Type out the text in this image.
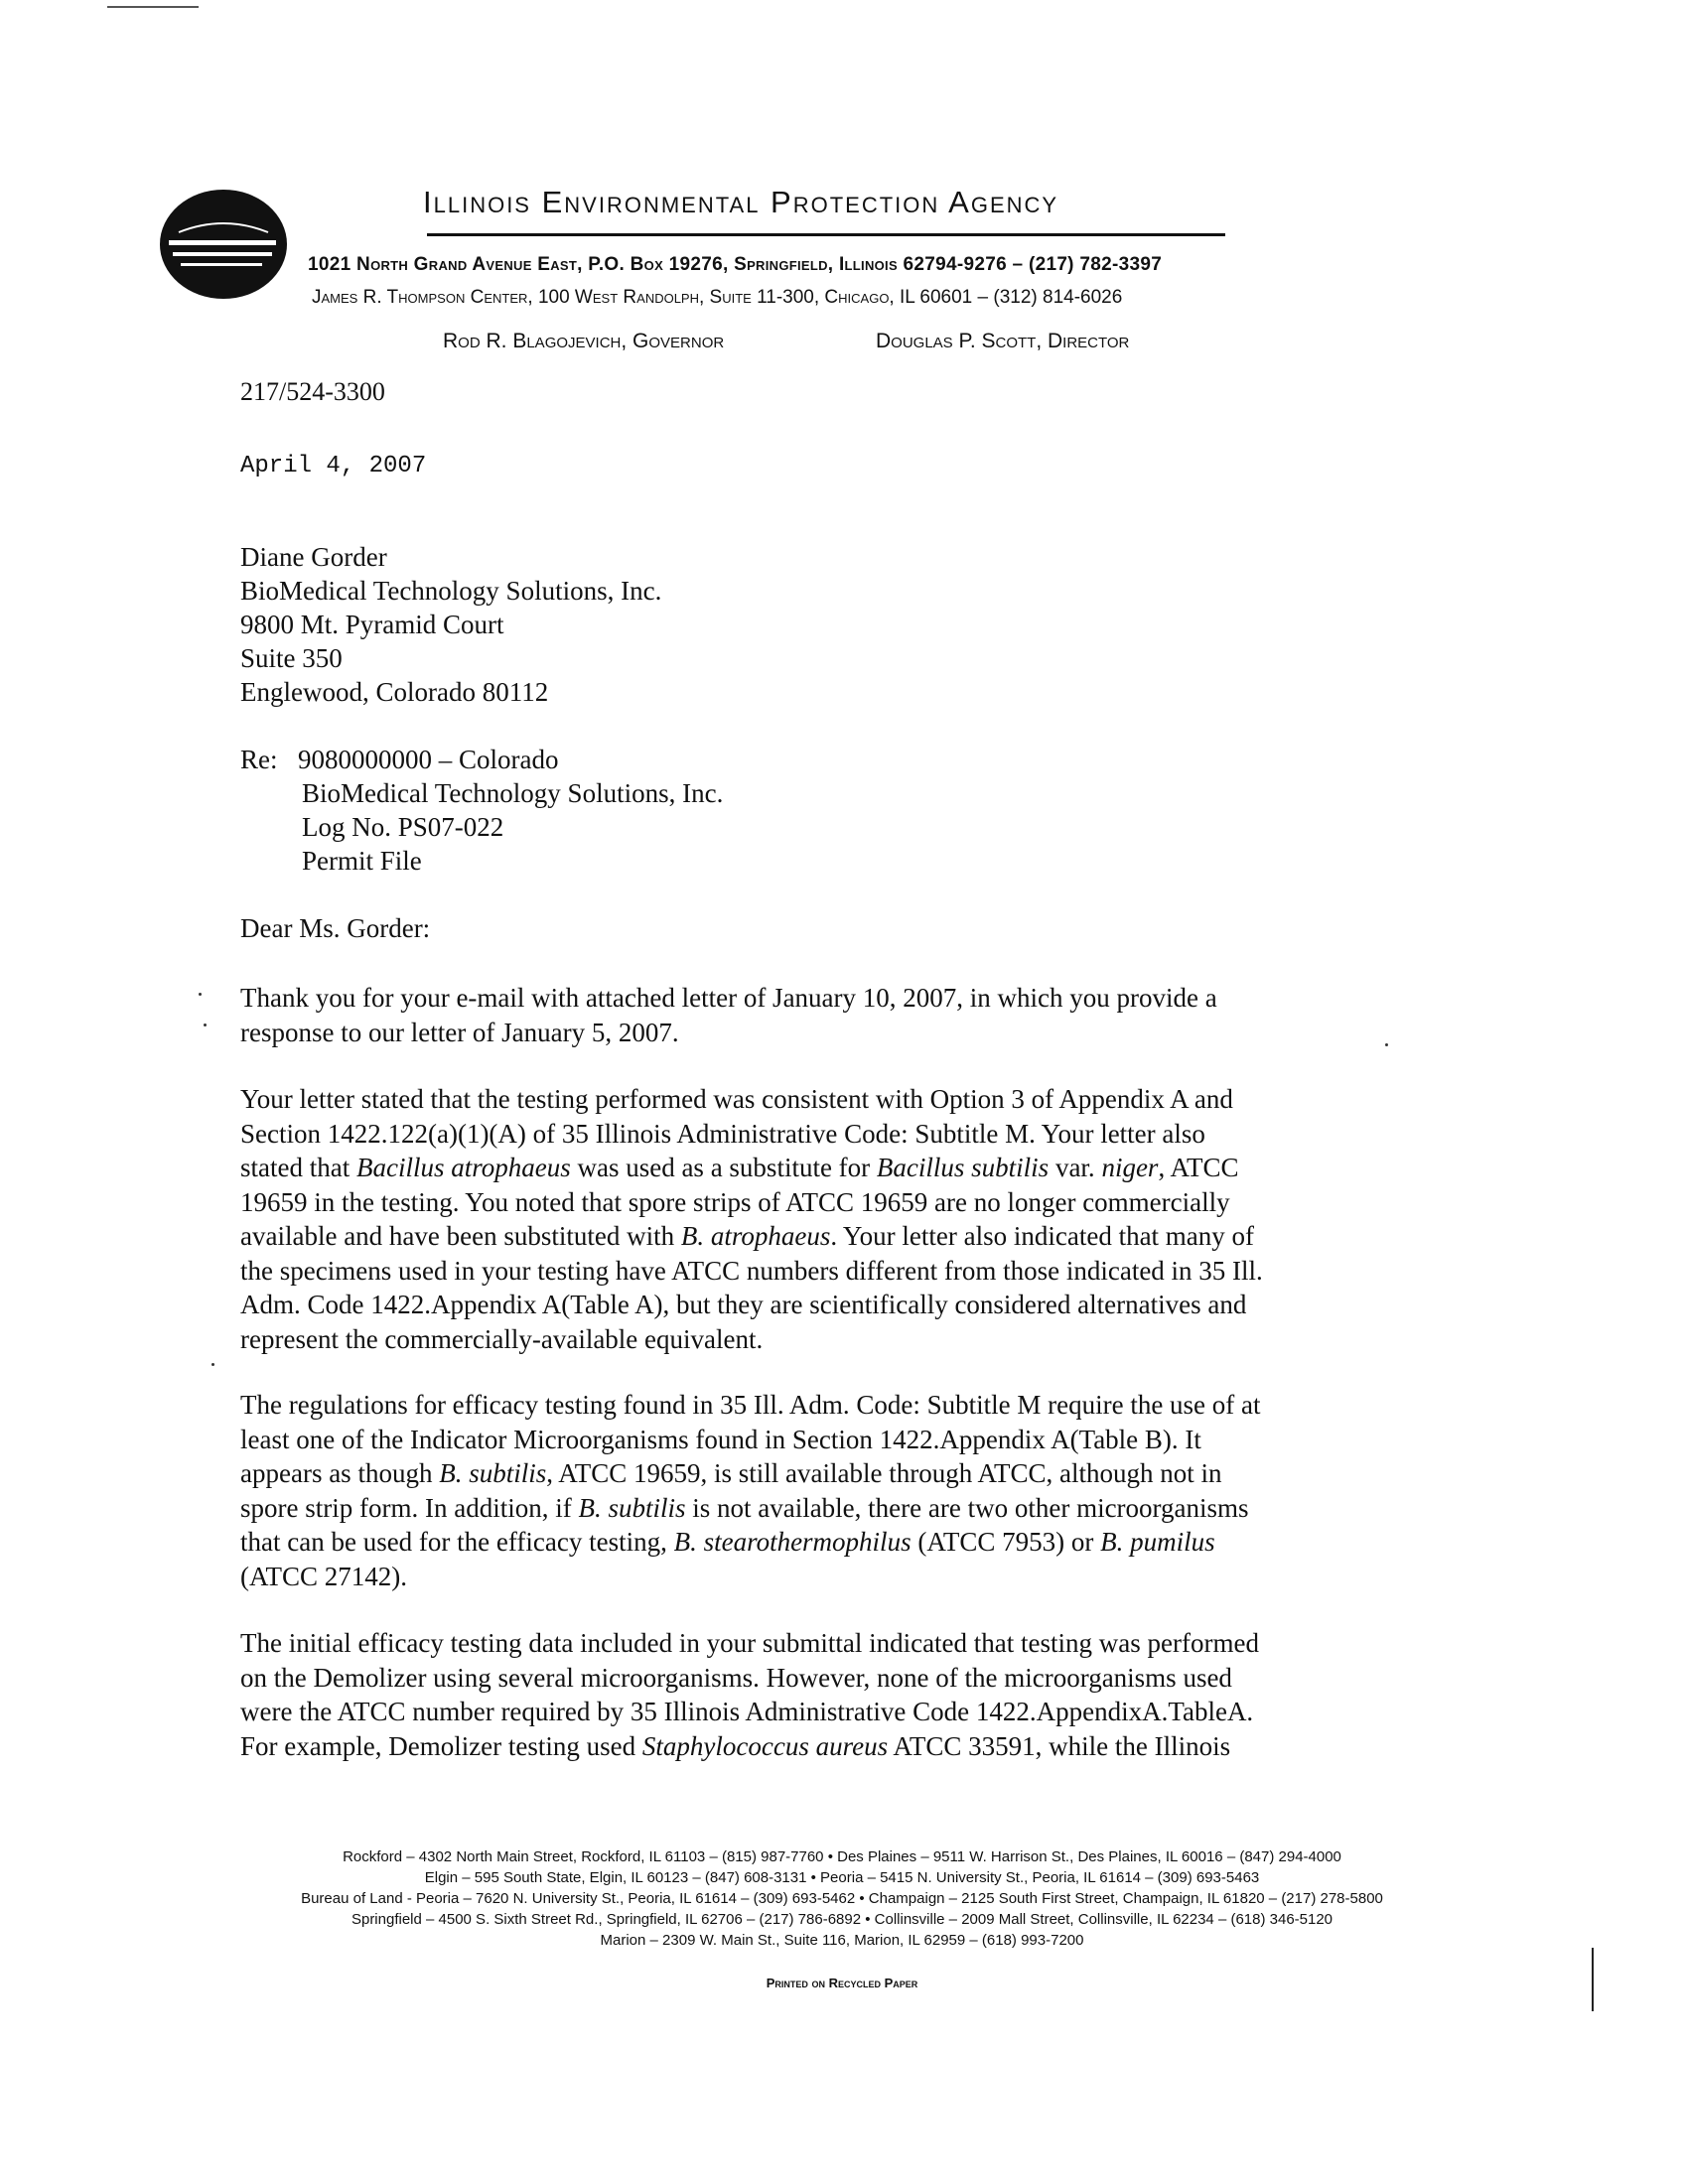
Illinois Environmental Protection Agency
1021 North Grand Avenue East, P.O. Box 19276, Springfield, Illinois 62794-9276 – (217) 782-3397
James R. Thompson Center, 100 West Randolph, Suite 11-300, Chicago, IL 60601 – (312) 814-6026
Rod R. Blagojevich, Governor	Douglas P. Scott, Director
217/524-3300
April 4, 2007
Diane Gorder
BioMedical Technology Solutions, Inc.
9800 Mt. Pyramid Court
Suite 350
Englewood, Colorado 80112
Re: 9080000000 – Colorado
BioMedical Technology Solutions, Inc.
Log No. PS07-022
Permit File
Dear Ms. Gorder:

Thank you for your e-mail with attached letter of January 10, 2007, in which you provide a

response to our letter of January 5, 2007.

Your letter stated that the testing performed was consistent with Option 3 of Appendix A and

Section 1422.122(a)(1)(A) of 35 Illinois Administrative Code: Subtitle M. Your letter also

stated that Bacillus atrophaeus was used as a substitute for Bacillus subtilis var. niger, ATCC

19659 in the testing. You noted that spore strips of ATCC 19659 are no longer commercially

available and have been substituted with B. atrophaeus. Your letter also indicated that many of

the specimens used in your testing have ATCC numbers different from those indicated in 35 Ill.

Adm. Code 1422.Appendix A(Table A), but they are scientifically considered alternatives and

represent the commercially-available equivalent.

The regulations for efficacy testing found in 35 Ill. Adm. Code: Subtitle M require the use of at

least one of the Indicator Microorganisms found in Section 1422.Appendix A(Table B). It

appears as though B. subtilis, ATCC 19659, is still available through ATCC, although not in

spore strip form. In addition, if B. subtilis is not available, there are two other microorganisms

that can be used for the efficacy testing, B. stearothermophilus (ATCC 7953) or B. pumilus

(ATCC 27142).

The initial efficacy testing data included in your submittal indicated that testing was performed

on the Demolizer using several microorganisms. However, none of the microorganisms used

were the ATCC number required by 35 Illinois Administrative Code 1422.AppendixA.TableA.

For example, Demolizer testing used Staphylococcus aureus ATCC 33591, while the Illinois

Rockford – 4302 North Main Street, Rockford, IL 61103 – (815) 987-7760 • Des Plaines – 9511 W. Harrison St., Des Plaines, IL 60016 – (847) 294-4000
Elgin – 595 South State, Elgin, IL 60123 – (847) 608-3131 • Peoria – 5415 N. University St., Peoria, IL 61614 – (309) 693-5463
Bureau of Land - Peoria – 7620 N. University St., Peoria, IL 61614 – (309) 693-5462 • Champaign – 2125 South First Street, Champaign, IL 61820 – (217) 278-5800
Springfield – 4500 S. Sixth Street Rd., Springfield, IL 62706 – (217) 786-6892 • Collinsville – 2009 Mall Street, Collinsville, IL 62234 – (618) 346-5120
Marion – 2309 W. Main St., Suite 116, Marion, IL 62959 – (618) 993-7200
Printed on Recycled Paper
